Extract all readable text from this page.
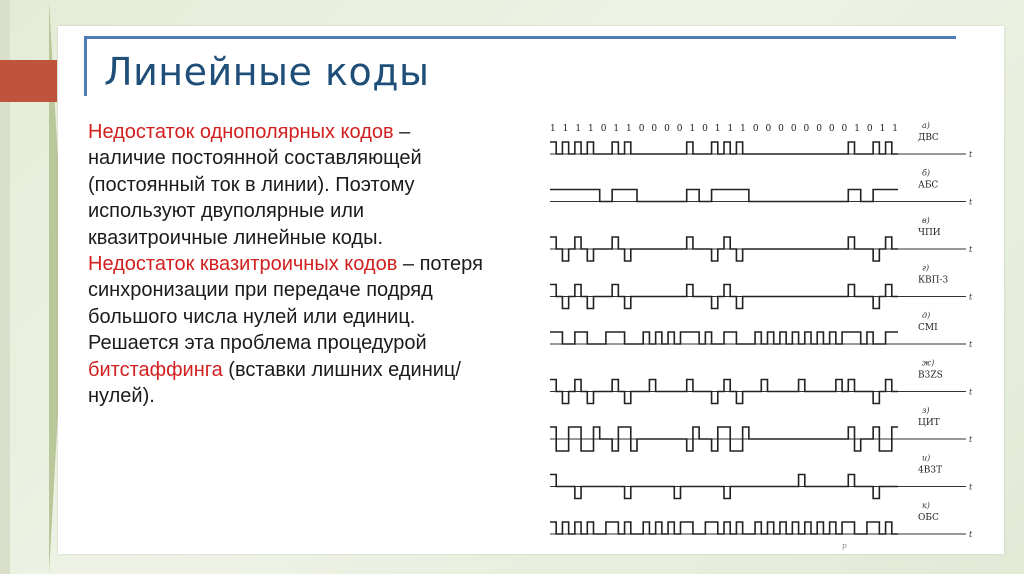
Линейные коды

Недостаток однополярных кодов – наличие постоянной составляющей (постоянный ток в линии). Поэтому используют двуполярные или квазитроичные линейные коды.

Недостаток квазитроичных кодов – потеря синхронизации при передаче подряд большого числа нулей или единиц. Решается эта проблема процедурой битстаффинга (вставки лишних единиц/нулей).

1 1 1 1 0 1 1 0 0 0 0 1 0 1 1 1 0 0 0 0 0 0 0 0 1 0 1 1	а)
ДВС
t
б)
АБС
t
в)
ЧПИ
t
г)
КВП-3
t
д)
CMI
t
ж)
B3ZS
t
з)
ЦИТ
t
и)
4B3T
t
к)
ОБС
t
P
